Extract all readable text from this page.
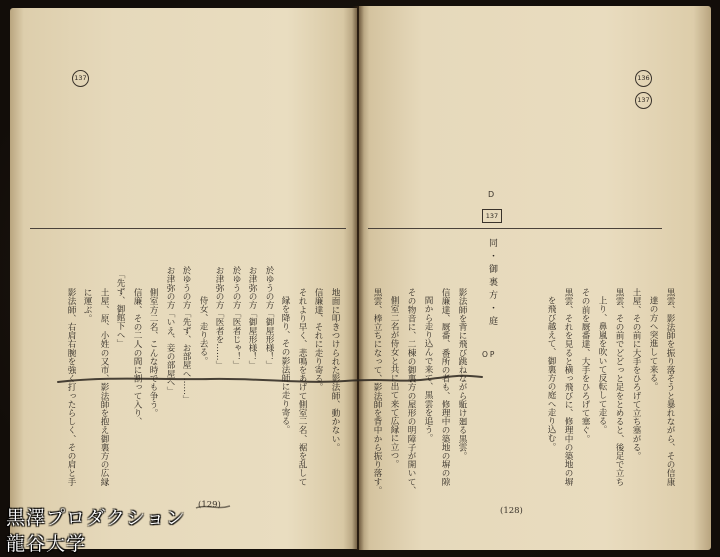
137
地面に叩きつけられた影法師、動かない。
信廉達、それに走り寄る。
それより早く、悲鳴をあげて側室二名、裾を乱して
縁を降り、その影法師に走り寄る。
於ゆうの方「御屋形様！」
お津弥の方「御屋形様！」
於ゆうの方「医者じゃ！」
お津弥の方「医者を……」
侍女、走り去る。
於ゆうの方「先ず、お部屋へ……」
お津弥の方「いえ、妾の部屋へ」
側室方二名、こんな時でも争う。
信廉、その二人の間に割って入り、
「先ず、御館下へ」
土屋、原、小姓の又市、影法師を抱え御裏方の広縁
に運ぶ。
影法師、右肩右腕を強く打ったらしく、その肩と手
(129)
136
137
黒雲、影法師を振り落そうと暴れながら、その信康
達の方へ突進して来る。
土屋、その前に大手をひろげて立ち塞がる。
黒雲、その前でどどっと足をとめると、後足で立ち
上り、鼻嵐を吹いて反転して走る。
その前を厩番達、大手をひろげて塞ぐ。
黒雲、それを見ると横っ飛びに、修理中の築地の塀
を飛び越えて、御裏方の庭へ走り込む。
D
137
同・御裏方・庭
OP
影法師を背に飛び跳ねながら駈け廻る黒雲。
信廉達、厩番、番所の者も、修理中の築地の塀の隙
間から走り込んで来て、黒雲を追う。
その物音に、二棟の御裏方の屋形の明障子が開いて、
側室二名が侍女と共に出て来て広縁に立つ。
黒雲、棒立ちになって、影法師を背中から振り落す。
(128)
黒澤プロダクション
龍谷大学
